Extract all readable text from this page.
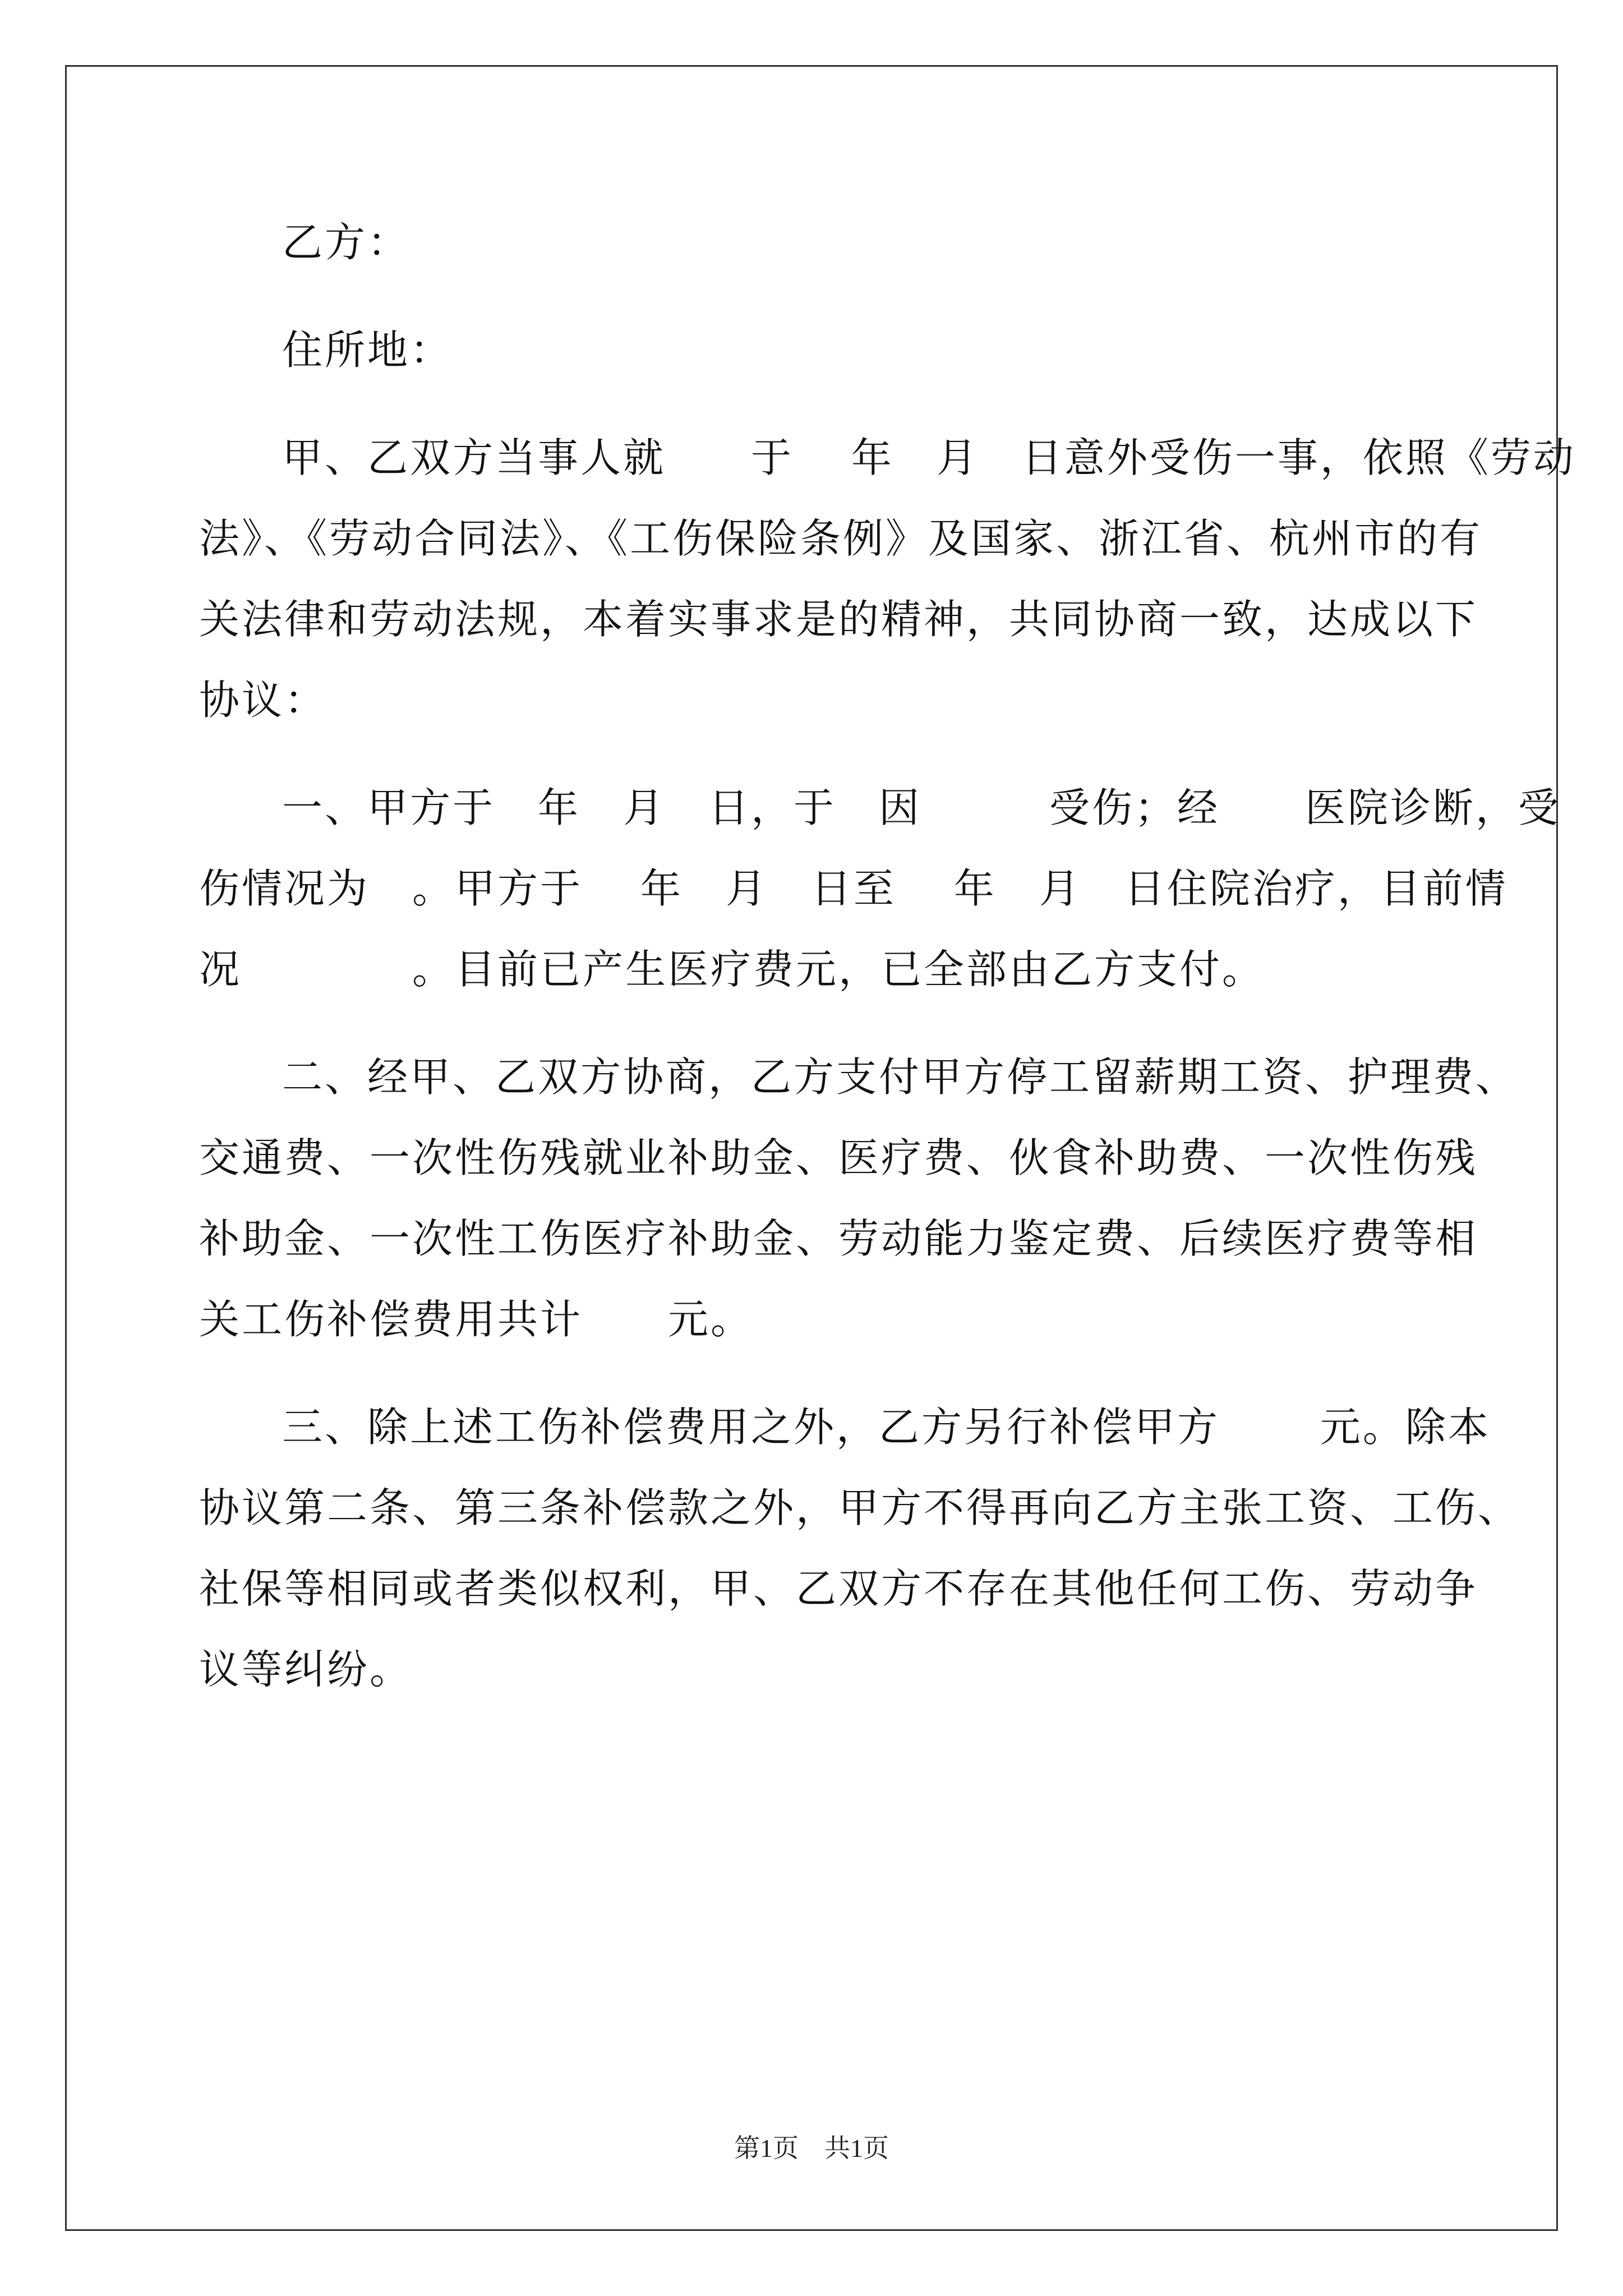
乙方：
住所地：
甲、乙双方当事人就　　于　 年　月　日意外受伤一事，依照《劳动
法》、《劳动合同法》、《工伤保险条例》及国家、浙江省、杭州市的有
关法律和劳动法规，本着实事求是的精神，共同协商一致，达成以下
协议：
一、甲方于　年　月　日，于　因　　　受伤；经　　医院诊断，受
伤情况为　。甲方于　 年　月　日至　 年　月　日住院治疗，目前情
况　　　　。目前已产生医疗费元，已全部由乙方支付。
二、经甲、乙双方协商，乙方支付甲方停工留薪期工资、护理费、
交通费、一次性伤残就业补助金、医疗费、伙食补助费、一次性伤残
补助金、一次性工伤医疗补助金、劳动能力鉴定费、后续医疗费等相
关工伤补偿费用共计　　元。
三、除上述工伤补偿费用之外，乙方另行补偿甲方　　 元。除本
协议第二条、第三条补偿款之外，甲方不得再向乙方主张工资、工伤、
社保等相同或者类似权利，甲、乙双方不存在其他任何工伤、劳动争
议等纠纷。
第1页　共1页
